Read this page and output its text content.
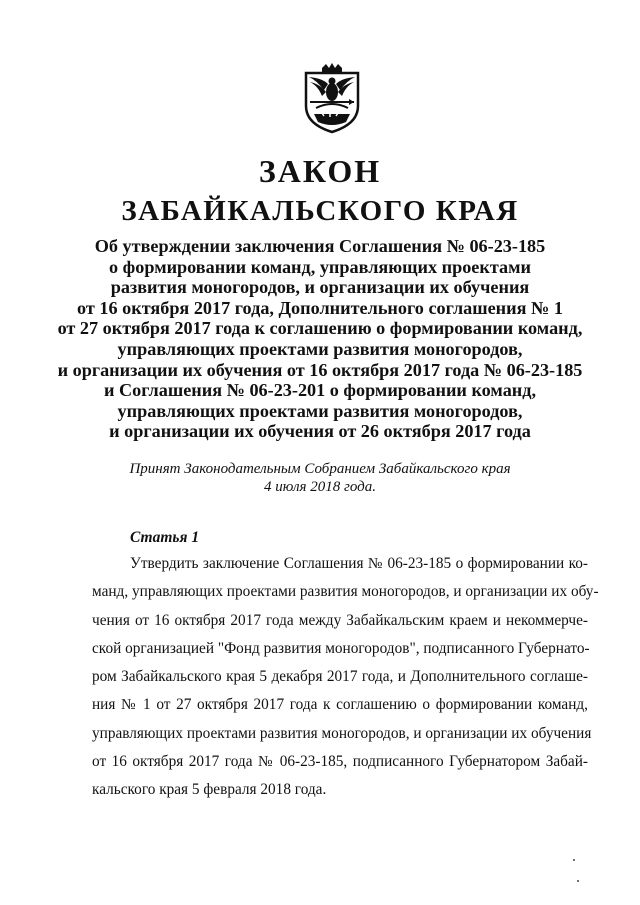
ЗАКОН
ЗАБАЙКАЛЬСКОГО КРАЯ
Об утверждении заключения Соглашения № 06-23-185
о формировании команд, управляющих проектами
развития моногородов, и организации их обучения
от 16 октября 2017 года, Дополнительного соглашения № 1
от 27 октября 2017 года к соглашению о формировании команд,
управляющих проектами развития моногородов,
и организации их обучения от 16 октября 2017 года № 06-23-185
и Соглашения № 06-23-201 о формировании команд,
управляющих проектами развития моногородов,
и организации их обучения от 26 октября 2017 года
Принят Законодательным Собранием Забайкальского края
4 июля 2018 года.
Статья 1
Утвердить заключение Соглашения № 06-23-185 о формировании ко-
манд, управляющих проектами развития моногородов, и организации их обу-
чения от 16 октября 2017 года между Забайкальским краем и некоммерче-
ской организацией "Фонд развития моногородов", подписанного Губернато-
ром Забайкальского края 5 декабря 2017 года, и Дополнительного соглаше-
ния № 1 от 27 октября 2017 года к соглашению о формировании команд,
управляющих проектами развития моногородов, и организации их обучения
от 16 октября 2017 года № 06-23-185, подписанного Губернатором Забай-
кальского края 5 февраля 2018 года.
